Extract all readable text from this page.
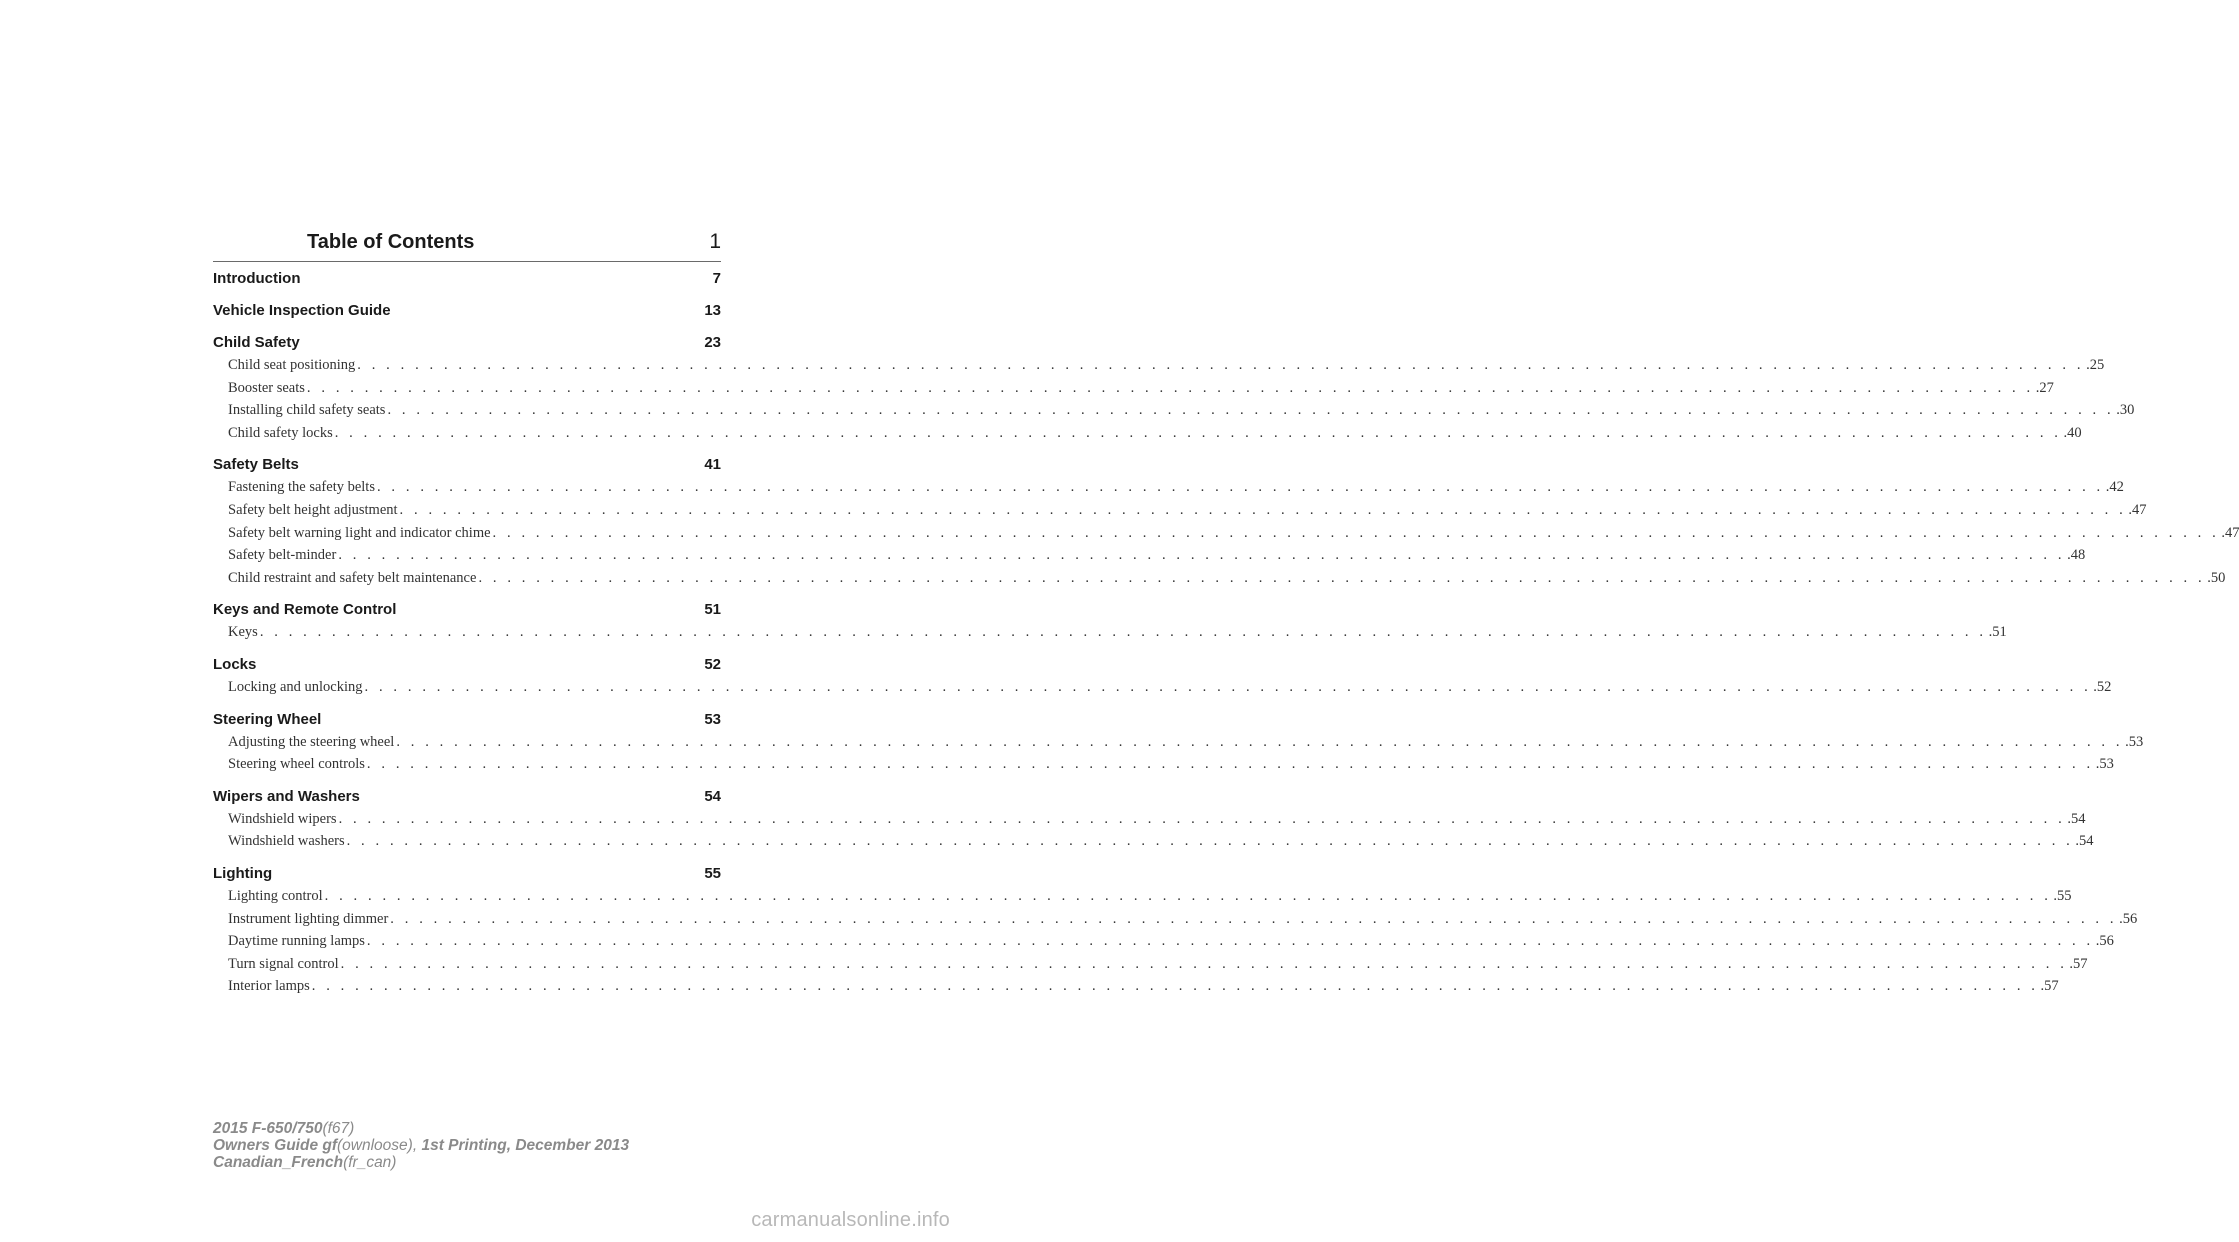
Table of Contents	1
Introduction	7
Vehicle Inspection Guide	13
Child Safety	23
Child seat positioning . . . . . . . . . . . . . . . . . . . . . . . . . . . . . . . . . . . . . . . . . . . . . . . . . . . . . . . . . . . . . . . . . . . . . . . . . . . . . . . . . . . . . . . . . . . . . . . . . . . . . . . . . . . . . . . . . . . . . . . . .25
Booster seats . . . . . . . . . . . . . . . . . . . . . . . . . . . . . . . . . . . . . . . . . . . . . . . . . . . . . . . . . . . . . . . . . . . . . . . . . . . . . . . . . . . . . . . . . . . . . . . . . . . . . . . . . . . . . . . . . . . . . . . . .27
Installing child safety seats . . . . . . . . . . . . . . . . . . . . . . . . . . . . . . . . . . . . . . . . . . . . . . . . . . . . . . . . . . . . . . . . . . . . . . . . . . . . . . . . . . . . . . . . . . . . . . . . . . . . . . . . . . . . . . . . . . . . . . . . .30
Child safety locks . . . . . . . . . . . . . . . . . . . . . . . . . . . . . . . . . . . . . . . . . . . . . . . . . . . . . . . . . . . . . . . . . . . . . . . . . . . . . . . . . . . . . . . . . . . . . . . . . . . . . . . . . . . . . . . . . . . . . . . . .40
Safety Belts	41
Fastening the safety belts . . . . . . . . . . . . . . . . . . . . . . . . . . . . . . . . . . . . . . . . . . . . . . . . . . . . . . . . . . . . . . . . . . . . . . . . . . . . . . . . . . . . . . . . . . . . . . . . . . . . . . . . . . . . . . . . . . . . . . . . .42
Safety belt height adjustment . . . . . . . . . . . . . . . . . . . . . . . . . . . . . . . . . . . . . . . . . . . . . . . . . . . . . . . . . . . . . . . . . . . . . . . . . . . . . . . . . . . . . . . . . . . . . . . . . . . . . . . . . . . . . . . . . . . . . . . . .47
Safety belt warning light and indicator chime . . . . . . . . . . . . . . . . . . . . . . . . . . . . . . . . . . . . . . . . . . . . . . . . . . . . . . . . . . . . . . . . . . . . . . . . . . . . . . . . . . . . . . . . . . . . . . . . . . . . . . . . . . . . . . . . . . . . . . . . .47
Safety belt-minder . . . . . . . . . . . . . . . . . . . . . . . . . . . . . . . . . . . . . . . . . . . . . . . . . . . . . . . . . . . . . . . . . . . . . . . . . . . . . . . . . . . . . . . . . . . . . . . . . . . . . . . . . . . . . . . . . . . . . . . . .48
Child restraint and safety belt maintenance . . . . . . . . . . . . . . . . . . . . . . . . . . . . . . . . . . . . . . . . . . . . . . . . . . . . . . . . . . . . . . . . . . . . . . . . . . . . . . . . . . . . . . . . . . . . . . . . . . . . . . . . . . . . . . . . . . . . . . . . .50
Keys and Remote Control	51
Keys . . . . . . . . . . . . . . . . . . . . . . . . . . . . . . . . . . . . . . . . . . . . . . . . . . . . . . . . . . . . . . . . . . . . . . . . . . . . . . . . . . . . . . . . . . . . . . . . . . . . . . . . . . . . . . . . . . . . . . . . .51
Locks	52
Locking and unlocking . . . . . . . . . . . . . . . . . . . . . . . . . . . . . . . . . . . . . . . . . . . . . . . . . . . . . . . . . . . . . . . . . . . . . . . . . . . . . . . . . . . . . . . . . . . . . . . . . . . . . . . . . . . . . . . . . . . . . . . . .52
Steering Wheel	53
Adjusting the steering wheel . . . . . . . . . . . . . . . . . . . . . . . . . . . . . . . . . . . . . . . . . . . . . . . . . . . . . . . . . . . . . . . . . . . . . . . . . . . . . . . . . . . . . . . . . . . . . . . . . . . . . . . . . . . . . . . . . . . . . . . . .53
Steering wheel controls . . . . . . . . . . . . . . . . . . . . . . . . . . . . . . . . . . . . . . . . . . . . . . . . . . . . . . . . . . . . . . . . . . . . . . . . . . . . . . . . . . . . . . . . . . . . . . . . . . . . . . . . . . . . . . . . . . . . . . . . .53
Wipers and Washers	54
Windshield wipers . . . . . . . . . . . . . . . . . . . . . . . . . . . . . . . . . . . . . . . . . . . . . . . . . . . . . . . . . . . . . . . . . . . . . . . . . . . . . . . . . . . . . . . . . . . . . . . . . . . . . . . . . . . . . . . . . . . . . . . . .54
Windshield washers . . . . . . . . . . . . . . . . . . . . . . . . . . . . . . . . . . . . . . . . . . . . . . . . . . . . . . . . . . . . . . . . . . . . . . . . . . . . . . . . . . . . . . . . . . . . . . . . . . . . . . . . . . . . . . . . . . . . . . . . .54
Lighting	55
Lighting control . . . . . . . . . . . . . . . . . . . . . . . . . . . . . . . . . . . . . . . . . . . . . . . . . . . . . . . . . . . . . . . . . . . . . . . . . . . . . . . . . . . . . . . . . . . . . . . . . . . . . . . . . . . . . . . . . . . . . . . . .55
Instrument lighting dimmer . . . . . . . . . . . . . . . . . . . . . . . . . . . . . . . . . . . . . . . . . . . . . . . . . . . . . . . . . . . . . . . . . . . . . . . . . . . . . . . . . . . . . . . . . . . . . . . . . . . . . . . . . . . . . . . . . . . . . . . . .56
Daytime running lamps . . . . . . . . . . . . . . . . . . . . . . . . . . . . . . . . . . . . . . . . . . . . . . . . . . . . . . . . . . . . . . . . . . . . . . . . . . . . . . . . . . . . . . . . . . . . . . . . . . . . . . . . . . . . . . . . . . . . . . . . .56
Turn signal control . . . . . . . . . . . . . . . . . . . . . . . . . . . . . . . . . . . . . . . . . . . . . . . . . . . . . . . . . . . . . . . . . . . . . . . . . . . . . . . . . . . . . . . . . . . . . . . . . . . . . . . . . . . . . . . . . . . . . . . . .57
Interior lamps . . . . . . . . . . . . . . . . . . . . . . . . . . . . . . . . . . . . . . . . . . . . . . . . . . . . . . . . . . . . . . . . . . . . . . . . . . . . . . . . . . . . . . . . . . . . . . . . . . . . . . . . . . . . . . . . . . . . . . . . .57
2015 F-650/750(f67)
Owners Guide gf(ownloose), 1st Printing, December 2013
Canadian_French(fr_can)
carmanualsonline.info
